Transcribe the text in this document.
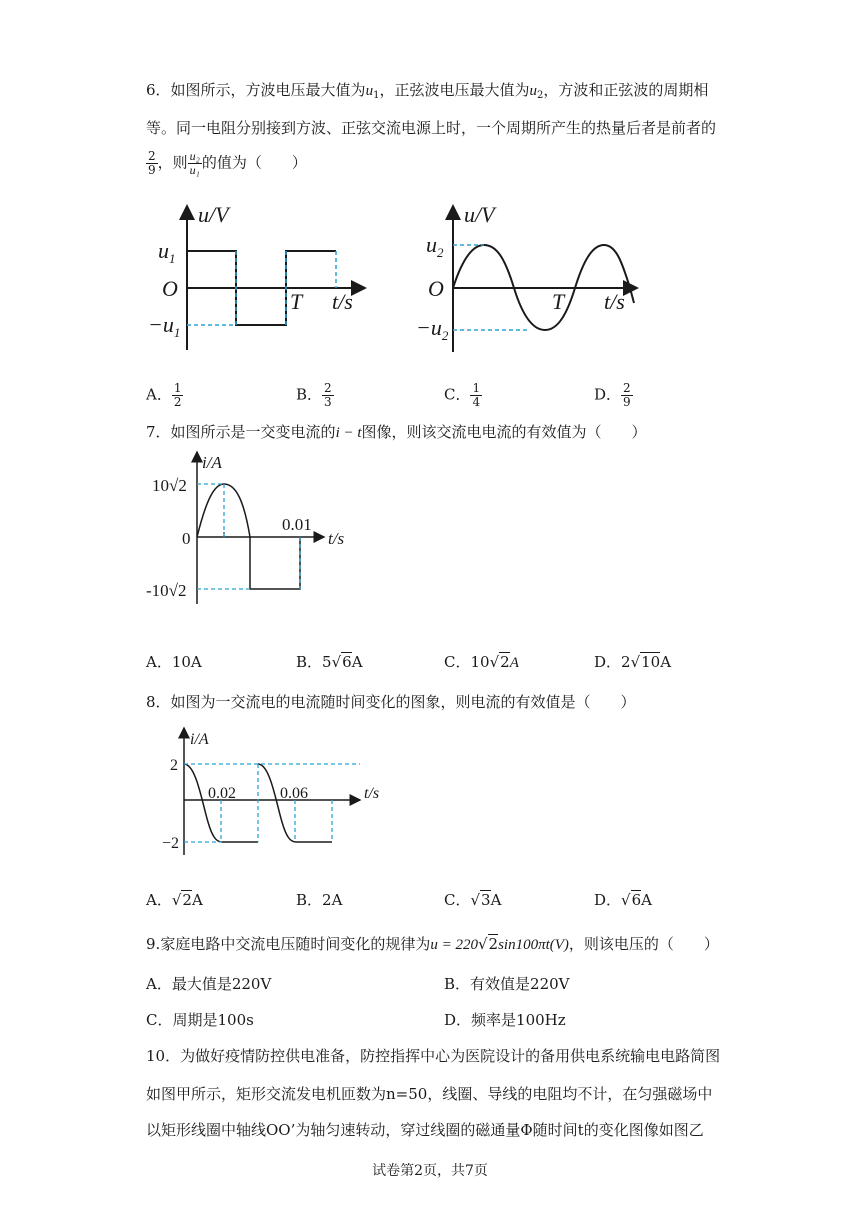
6．如图所示，方波电压最大值为$u_1$，正弦波电压最大值为$u_2$，方波和正弦波的周期相
等。同一电阻分别接到方波、正弦交流电源上时，一个周期所产生的热量后者是前者的
$\frac{2}{9}$ ，则 $\frac{\text{u₂}}{\text{u₁}}$ 的值为（　　）
u/V
$u_1$
O
$-u_1$
T t/s
u/V
$u_2$
O
$-u_2$
T t/s
A． $\frac{1}{2}$	B． $\frac{2}{3}$	C． $\frac{1}{4}$	D． $\frac{2}{9}$
7．如图所示是一交变电流的i − t图像，则该交流电电流的有效值为（　　）
i/A
10√2
0
0.01
t/s
-10√2
A．10A	B．5√6A	C．10√2A	D．2√10A
8．如图为一交流电的电流随时间变化的图象，则电流的有效值是（　　）
i/A
2
0.02	0.06	t/s
−2
A．√2A	B．2A	C．√3A	D．√6A
9.家庭电路中交流电压随时间变化的规律为u = 220√2sin100πt(V)，则该电压的（　　）
A．最大值是220V	B．有效值是220V
C．周期是100s	D．频率是100Hz
10．为做好疫情防控供电准备，防控指挥中心为医院设计的备用供电系统输电电路简图
如图甲所示，矩形交流发电机匝数为n=50，线圈、导线的电阻均不计，在匀强磁场中
以矩形线圈中轴线OO’为轴匀速转动，穿过线圈的磁通量Φ随时间t的变化图像如图乙
试卷第2页，共7页
